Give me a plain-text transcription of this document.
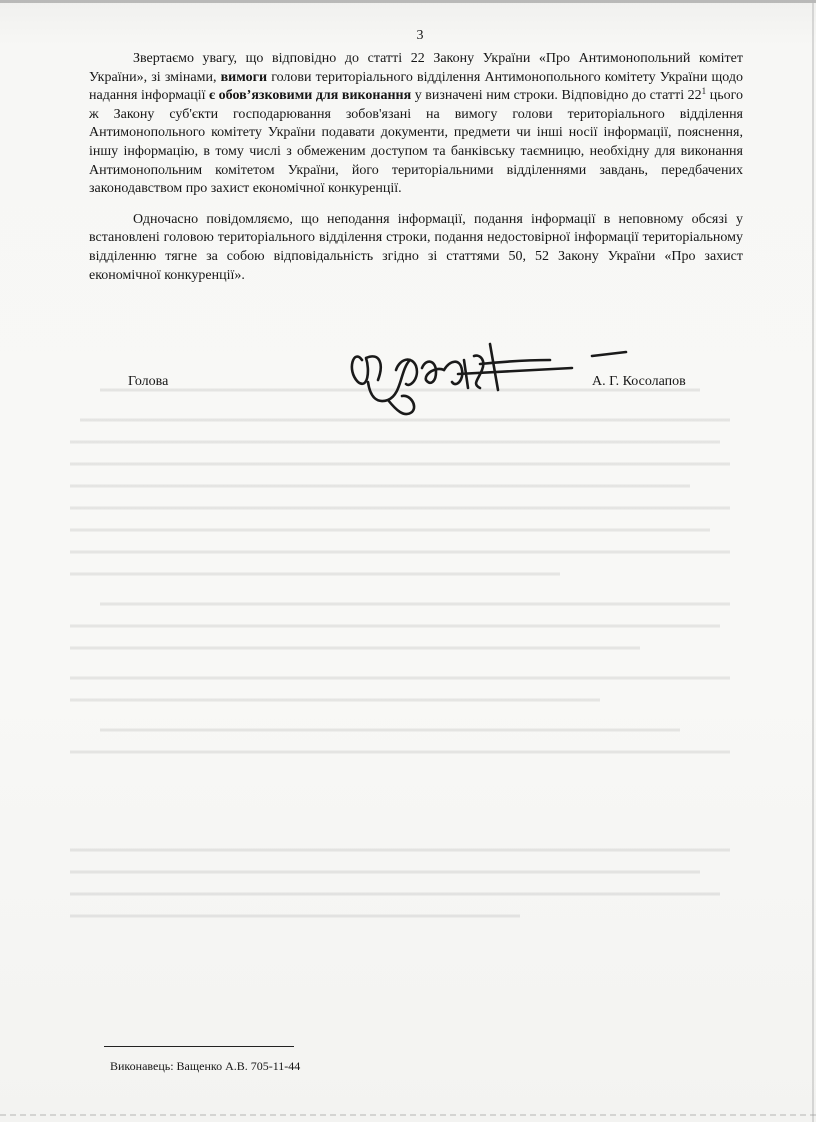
3

Звертаємо увагу, що відповідно до статті 22 Закону України «Про Антимонопольний комітет України», зі змінами, вимоги голови територіального відділення Антимонопольного комітету України щодо надання інформації є обов’язковими для виконання у визначені ним строки. Відповідно до статті $22^1$ цього ж Закону суб'єкти господарювання зобов'язані на вимогу голови територіального відділення Антимонопольного комітету України подавати документи, предмети чи інші носії інформації, пояснення, іншу інформацію, в тому числі з обмеженим доступом та банківську таємницю, необхідну для виконання Антимонопольним комітетом України, його територіальними відділеннями завдань, передбачених законодавством про захист економічної конкуренції.

Одночасно повідомляємо, що неподання інформації, подання інформації в неповному обсязі у встановлені головою територіального відділення строки, подання недостовірної інформації територіальному відділенню тягне за собою відповідальність згідно зі статтями 50, 52 Закону України «Про захист економічної конкуренції».

Голова	А. Г. Косолапов
Виконавець: Ващенко А.В. 705-11-44
